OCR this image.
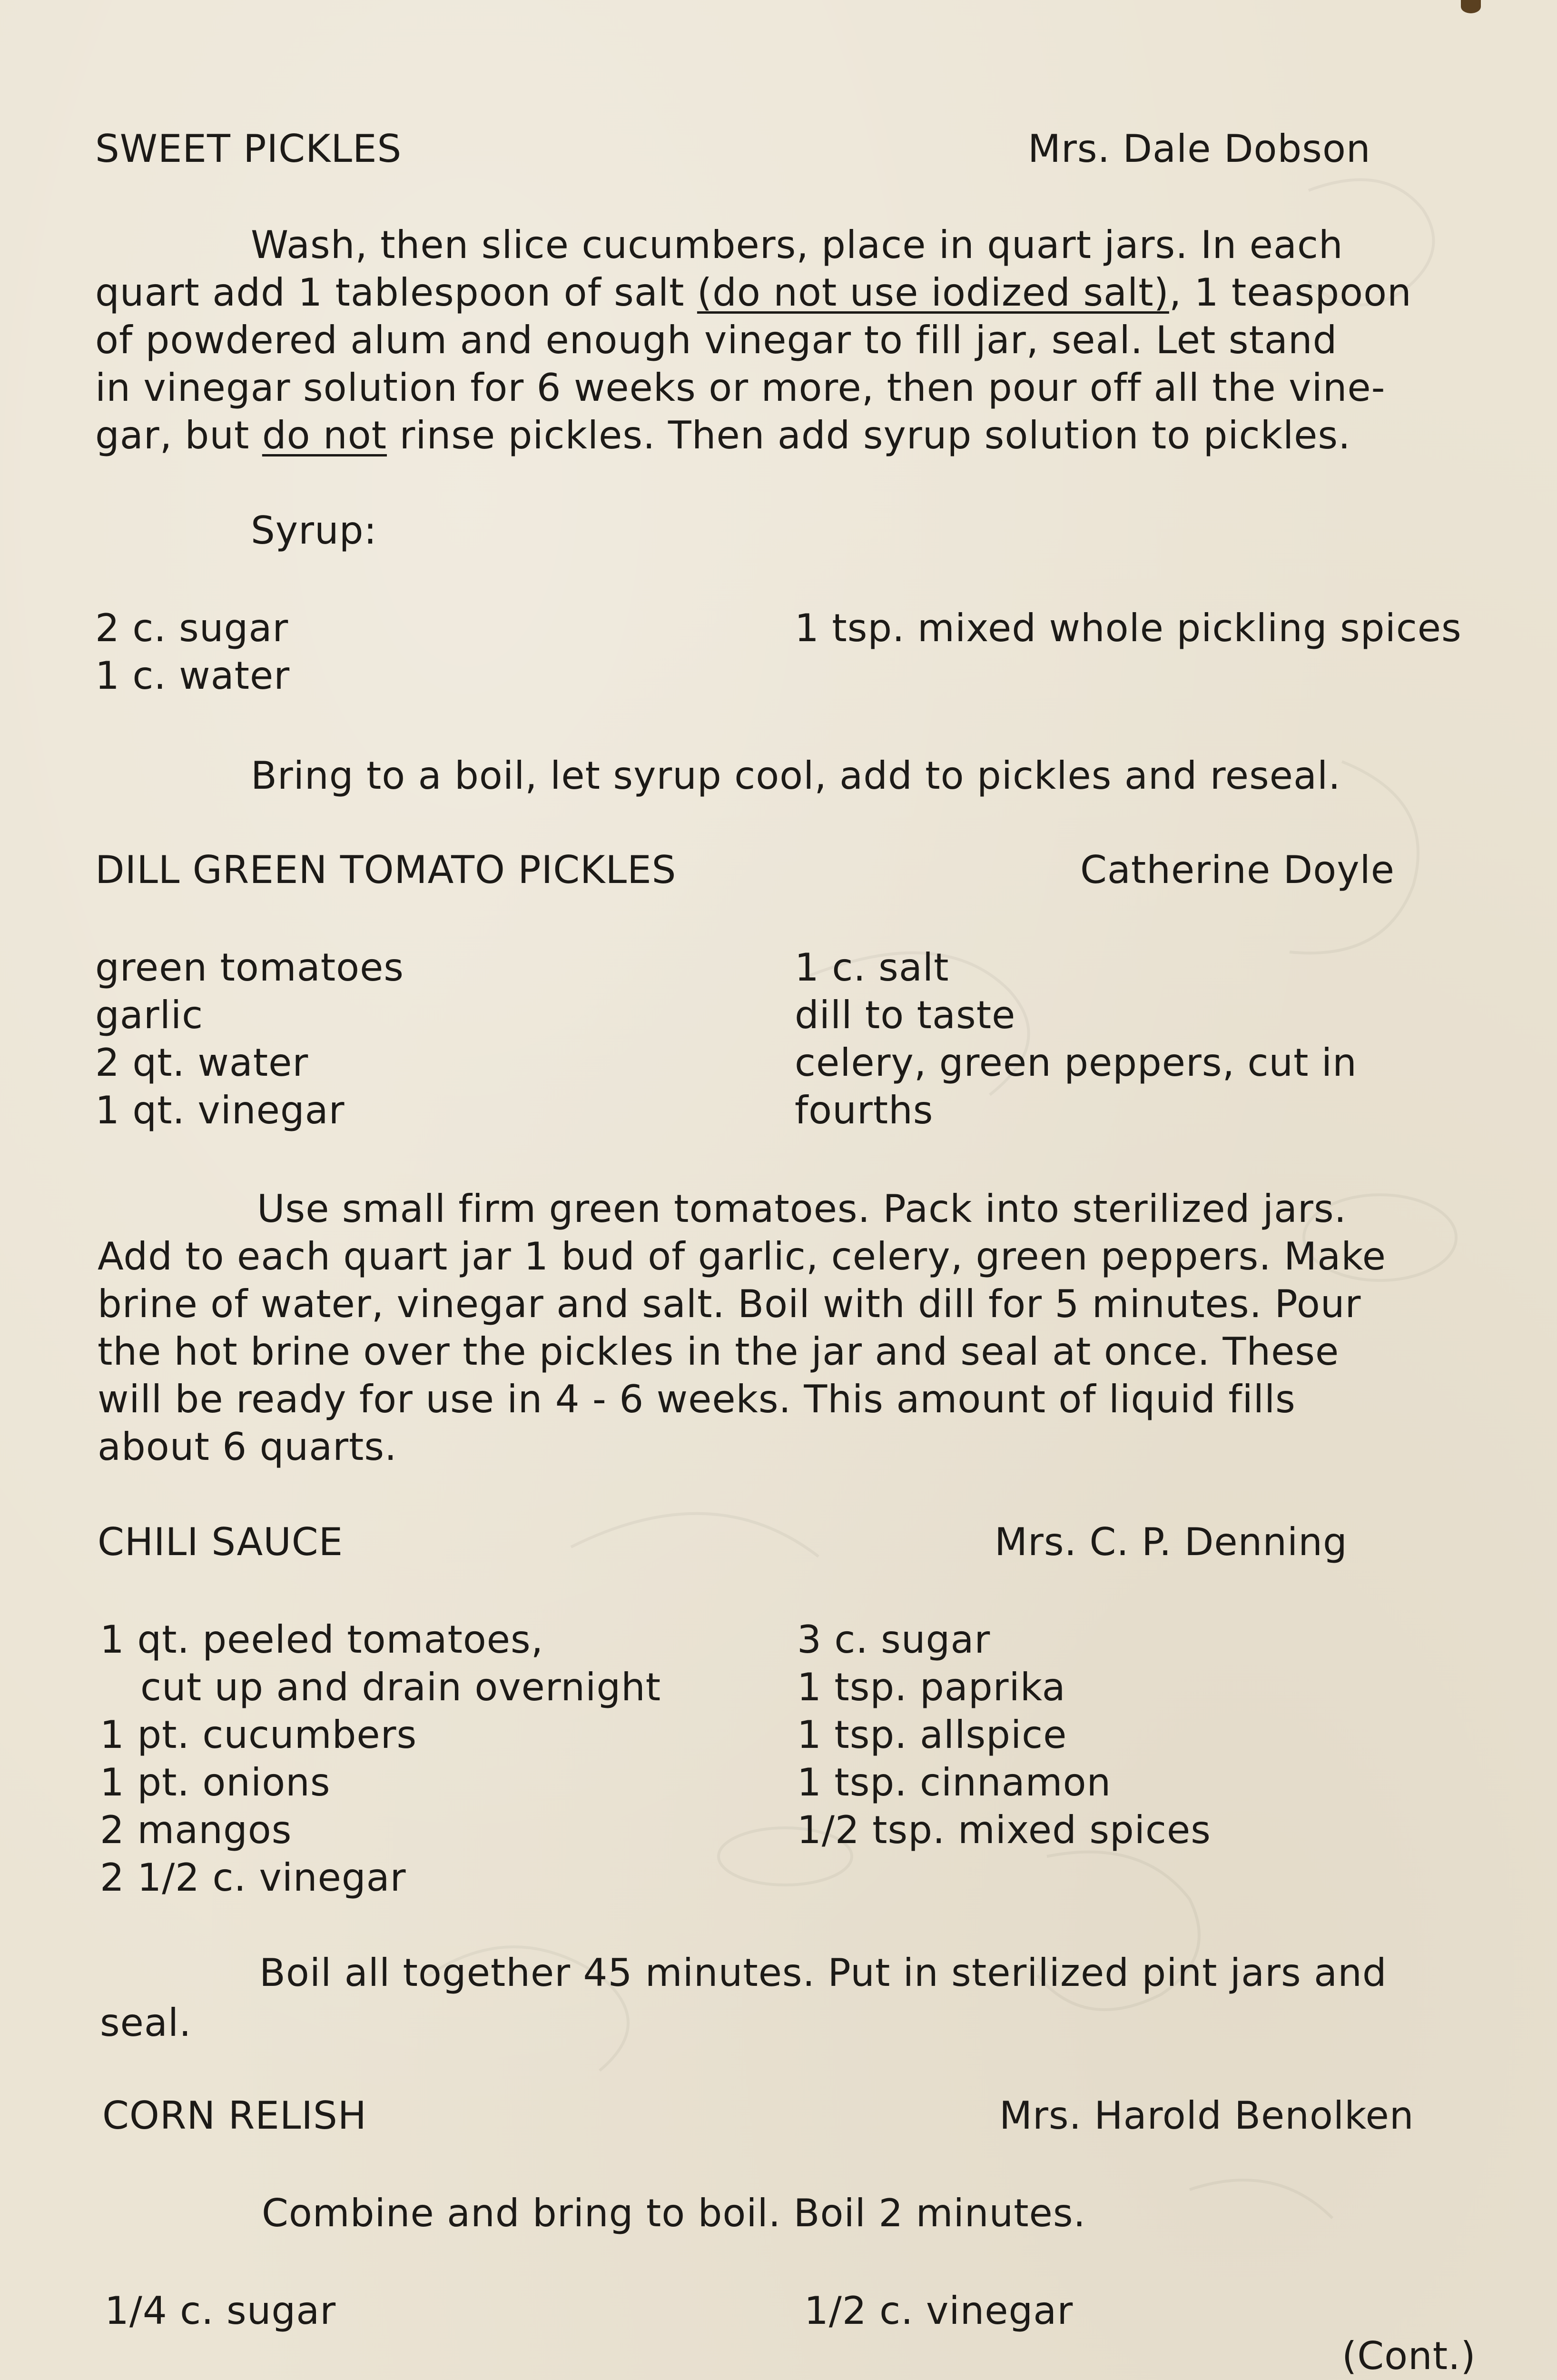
SWEET PICKLES	Mrs. Dale Dobson
Wash, then slice cucumbers, place in quart jars. In each
quart add 1 tablespoon of salt (do not use iodized salt), 1 teaspoon
of powdered alum and enough vinegar to fill jar, seal. Let stand
in vinegar solution for 6 weeks or more, then pour off all the vine-
gar, but do not rinse pickles. Then add syrup solution to pickles.
Syrup:
2 c. sugar	1 tsp. mixed whole pickling spices
1 c. water
Bring to a boil, let syrup cool, add to pickles and reseal.
DILL GREEN TOMATO PICKLES	Catherine Doyle
green tomatoes	1 c. salt
garlic	dill to taste
2 qt. water	celery, green peppers, cut in
1 qt. vinegar	fourths
Use small firm green tomatoes. Pack into sterilized jars.
Add to each quart jar 1 bud of garlic, celery, green peppers. Make
brine of water, vinegar and salt. Boil with dill for 5 minutes. Pour
the hot brine over the pickles in the jar and seal at once. These
will be ready for use in 4 - 6 weeks. This amount of liquid fills
about 6 quarts.
CHILI SAUCE	Mrs. C. P. Denning
1 qt. peeled tomatoes,	3 c. sugar
cut up and drain overnight	1 tsp. paprika
1 pt. cucumbers	1 tsp. allspice
1 pt. onions	1 tsp. cinnamon
2 mangos	1/2 tsp. mixed spices
2 1/2 c. vinegar
Boil all together 45 minutes. Put in sterilized pint jars and
seal.
CORN RELISH	Mrs. Harold Benolken
Combine and bring to boil. Boil 2 minutes.
1/4 c. sugar	1/2 c. vinegar
(Cont.)
